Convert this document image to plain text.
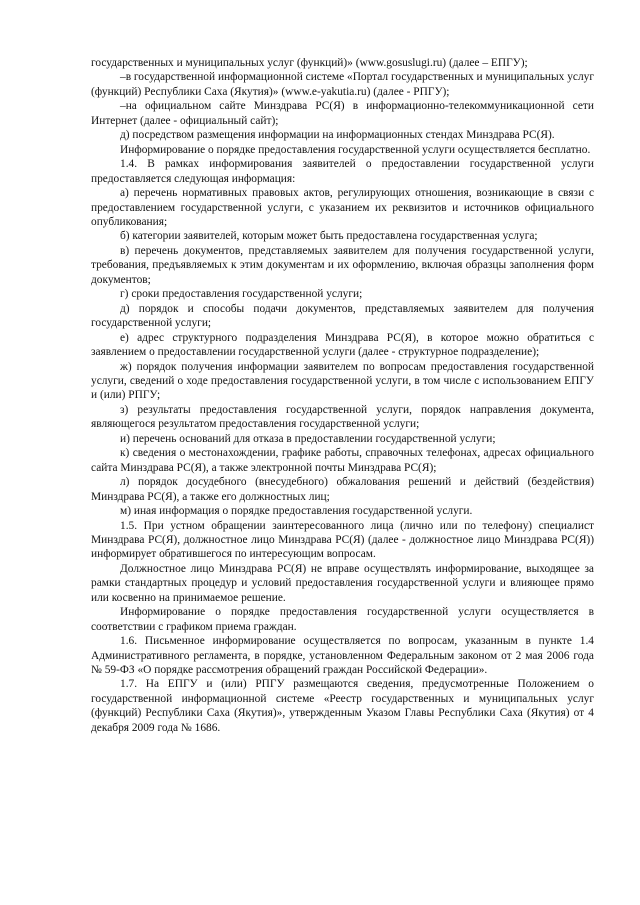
государственных и муниципальных услуг (функций)» (www.gosuslugi.ru) (далее – ЕПГУ);

–в государственной информационной системе «Портал государственных и муниципальных услуг (функций) Республики Саха (Якутия)» (www.e-yakutia.ru) (далее - РПГУ);

–на официальном сайте Минздрава РС(Я) в информационно-телекоммуникационной сети Интернет (далее - официальный сайт);

д) посредством размещения информации на информационных стендах Минздрава РС(Я).

Информирование о порядке предоставления государственной услуги осуществляется бесплатно.

1.4. В рамках информирования заявителей о предоставлении государственной услуги предоставляется следующая информация:

а) перечень нормативных правовых актов, регулирующих отношения, возникающие в связи с предоставлением государственной услуги, с указанием их реквизитов и источников официального опубликования;

б) категории заявителей, которым может быть предоставлена государственная услуга;

в) перечень документов, представляемых заявителем для получения государственной услуги, требования, предъявляемых к этим документам и их оформлению, включая образцы заполнения форм документов;

г) сроки предоставления государственной услуги;

д) порядок и способы подачи документов, представляемых заявителем для получения государственной услуги;

е) адрес структурного подразделения Минздрава РС(Я), в которое можно обратиться с заявлением о предоставлении государственной услуги (далее - структурное подразделение);

ж) порядок получения информации заявителем по вопросам предоставления государственной услуги, сведений о ходе предоставления государственной услуги, в том числе с использованием ЕПГУ и (или) РПГУ;

з) результаты предоставления государственной услуги, порядок направления документа, являющегося результатом предоставления государственной услуги;

и) перечень оснований для отказа в предоставлении государственной услуги;

к) сведения о местонахождении, графике работы, справочных телефонах, адресах официального сайта Минздрава РС(Я), а также электронной почты Минздрава РС(Я);

л) порядок досудебного (внесудебного) обжалования решений и действий (бездействия) Минздрава РС(Я), а также его должностных лиц;

м) иная информация о порядке предоставления государственной услуги.

1.5. При устном обращении заинтересованного лица (лично или по телефону) специалист Минздрава РС(Я), должностное лицо Минздрава РС(Я) (далее - должностное лицо Минздрава РС(Я)) информирует обратившегося по интересующим вопросам.

Должностное лицо Минздрава РС(Я) не вправе осуществлять информирование, выходящее за рамки стандартных процедур и условий предоставления государственной услуги и влияющее прямо или косвенно на принимаемое решение.

Информирование о порядке предоставления государственной услуги осуществляется в соответствии с графиком приема граждан.

1.6. Письменное информирование осуществляется по вопросам, указанным в пункте 1.4 Административного регламента, в порядке, установленном Федеральным законом от 2 мая 2006 года № 59-ФЗ «О порядке рассмотрения обращений граждан Российской Федерации».

1.7. На ЕПГУ и (или) РПГУ размещаются сведения, предусмотренные Положением о государственной информационной системе «Реестр государственных и муниципальных услуг (функций) Республики Саха (Якутия)», утвержденным Указом Главы Республики Саха (Якутия) от 4 декабря 2009 года № 1686.
